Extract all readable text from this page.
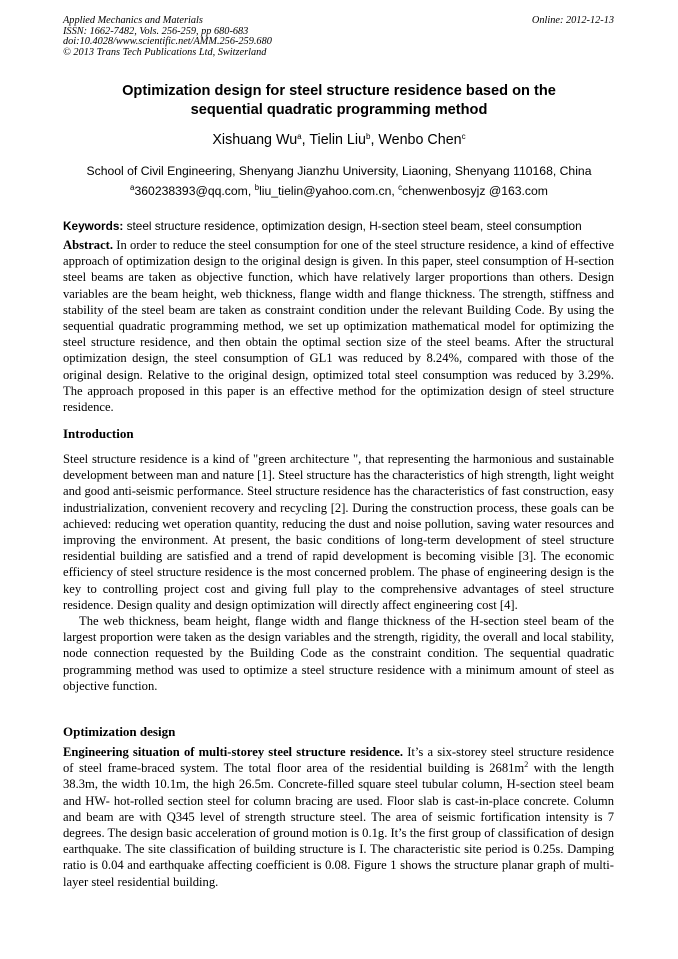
Applied Mechanics and Materials
ISSN: 1662-7482, Vols. 256-259, pp 680-683
doi:10.4028/www.scientific.net/AMM.256-259.680
© 2013 Trans Tech Publications Ltd, Switzerland
Online: 2012-12-13
Optimization design for steel structure residence based on the
sequential quadratic programming method
Xishuang Wu$^a$, Tielin Liu$^b$, Wenbo Chen$^c$
School of Civil Engineering, Shenyang Jianzhu University, Liaoning, Shenyang 110168, China
$^a$360238393@qq.com, $^b$liu_tielin@yahoo.com.cn, $^c$chenwenbosyjz @163.com
Keywords: steel structure residence, optimization design, H-section steel beam, steel consumption

Abstract. In order to reduce the steel consumption for one of the steel structure residence, a kind of effective approach of optimization design to the original design is given. In this paper, steel consumption of H-section steel beams are taken as objective function, which have relatively larger proportions than others. Design variables are the beam height, web thickness, flange width and flange thickness. The strength, stiffness and stability of the steel beam are taken as constraint condition under the relevant Building Code. By using the sequential quadratic programming method, we set up optimization mathematical model for optimizing the steel structure residence, and then obtain the optimal section size of the steel beams. After the structural optimization design, the steel consumption of GL1 was reduced by 8.24%, compared with those of the original design. Relative to the original design, optimized total steel consumption was reduced by 3.29%. The approach proposed in this paper is an effective method for the optimization design of steel structure residence.

Introduction

Steel structure residence is a kind of "green architecture ", that representing the harmonious and sustainable development between man and nature [1]. Steel structure has the characteristics of high strength, light weight and good anti-seismic performance. Steel structure residence has the characteristics of fast construction, easy industrialization, convenient recovery and recycling [2]. During the construction process, these goals can be achieved: reducing wet operation quantity, reducing the dust and noise pollution, saving water resources and improving the environment. At present, the basic conditions of long-term development of steel structure residential building are satisfied and a trend of rapid development is becoming visible [3]. The economic efficiency of steel structure residence is the most concerned problem. The phase of engineering design is the key to controlling project cost and giving full play to the comprehensive advantages of steel structure residence. Design quality and design optimization will directly affect engineering cost [4].

The web thickness, beam height, flange width and flange thickness of the H-section steel beam of the largest proportion were taken as the design variables and the strength, rigidity, the overall and local stability, node connection requested by the Building Code as the constraint condition. The sequential quadratic programming method was used to optimize a steel structure residence with a minimum amount of steel as objective function.

Optimization design

Engineering situation of multi-storey steel structure residence. It’s a six-storey steel structure residence of steel frame-braced system. The total floor area of the residential building is $2681m^2$ with the length 38.3m, the width 10.1m, the high 26.5m. Concrete-filled square steel tubular column, H-section steel beam and HW- hot-rolled section steel for column bracing are used. Floor slab is cast-in-place concrete. Column and beam are with Q345 level of strength structure steel. The area of seismic fortification intensity is 7 degrees. The design basic acceleration of ground motion is 0.1g. It’s the first group of classification of design earthquake. The site classification of building structure is I. The characteristic site period is 0.25s. Damping ratio is 0.04 and earthquake affecting coefficient is 0.08. Figure 1 shows the structure planar graph of multi-layer steel residential building.
